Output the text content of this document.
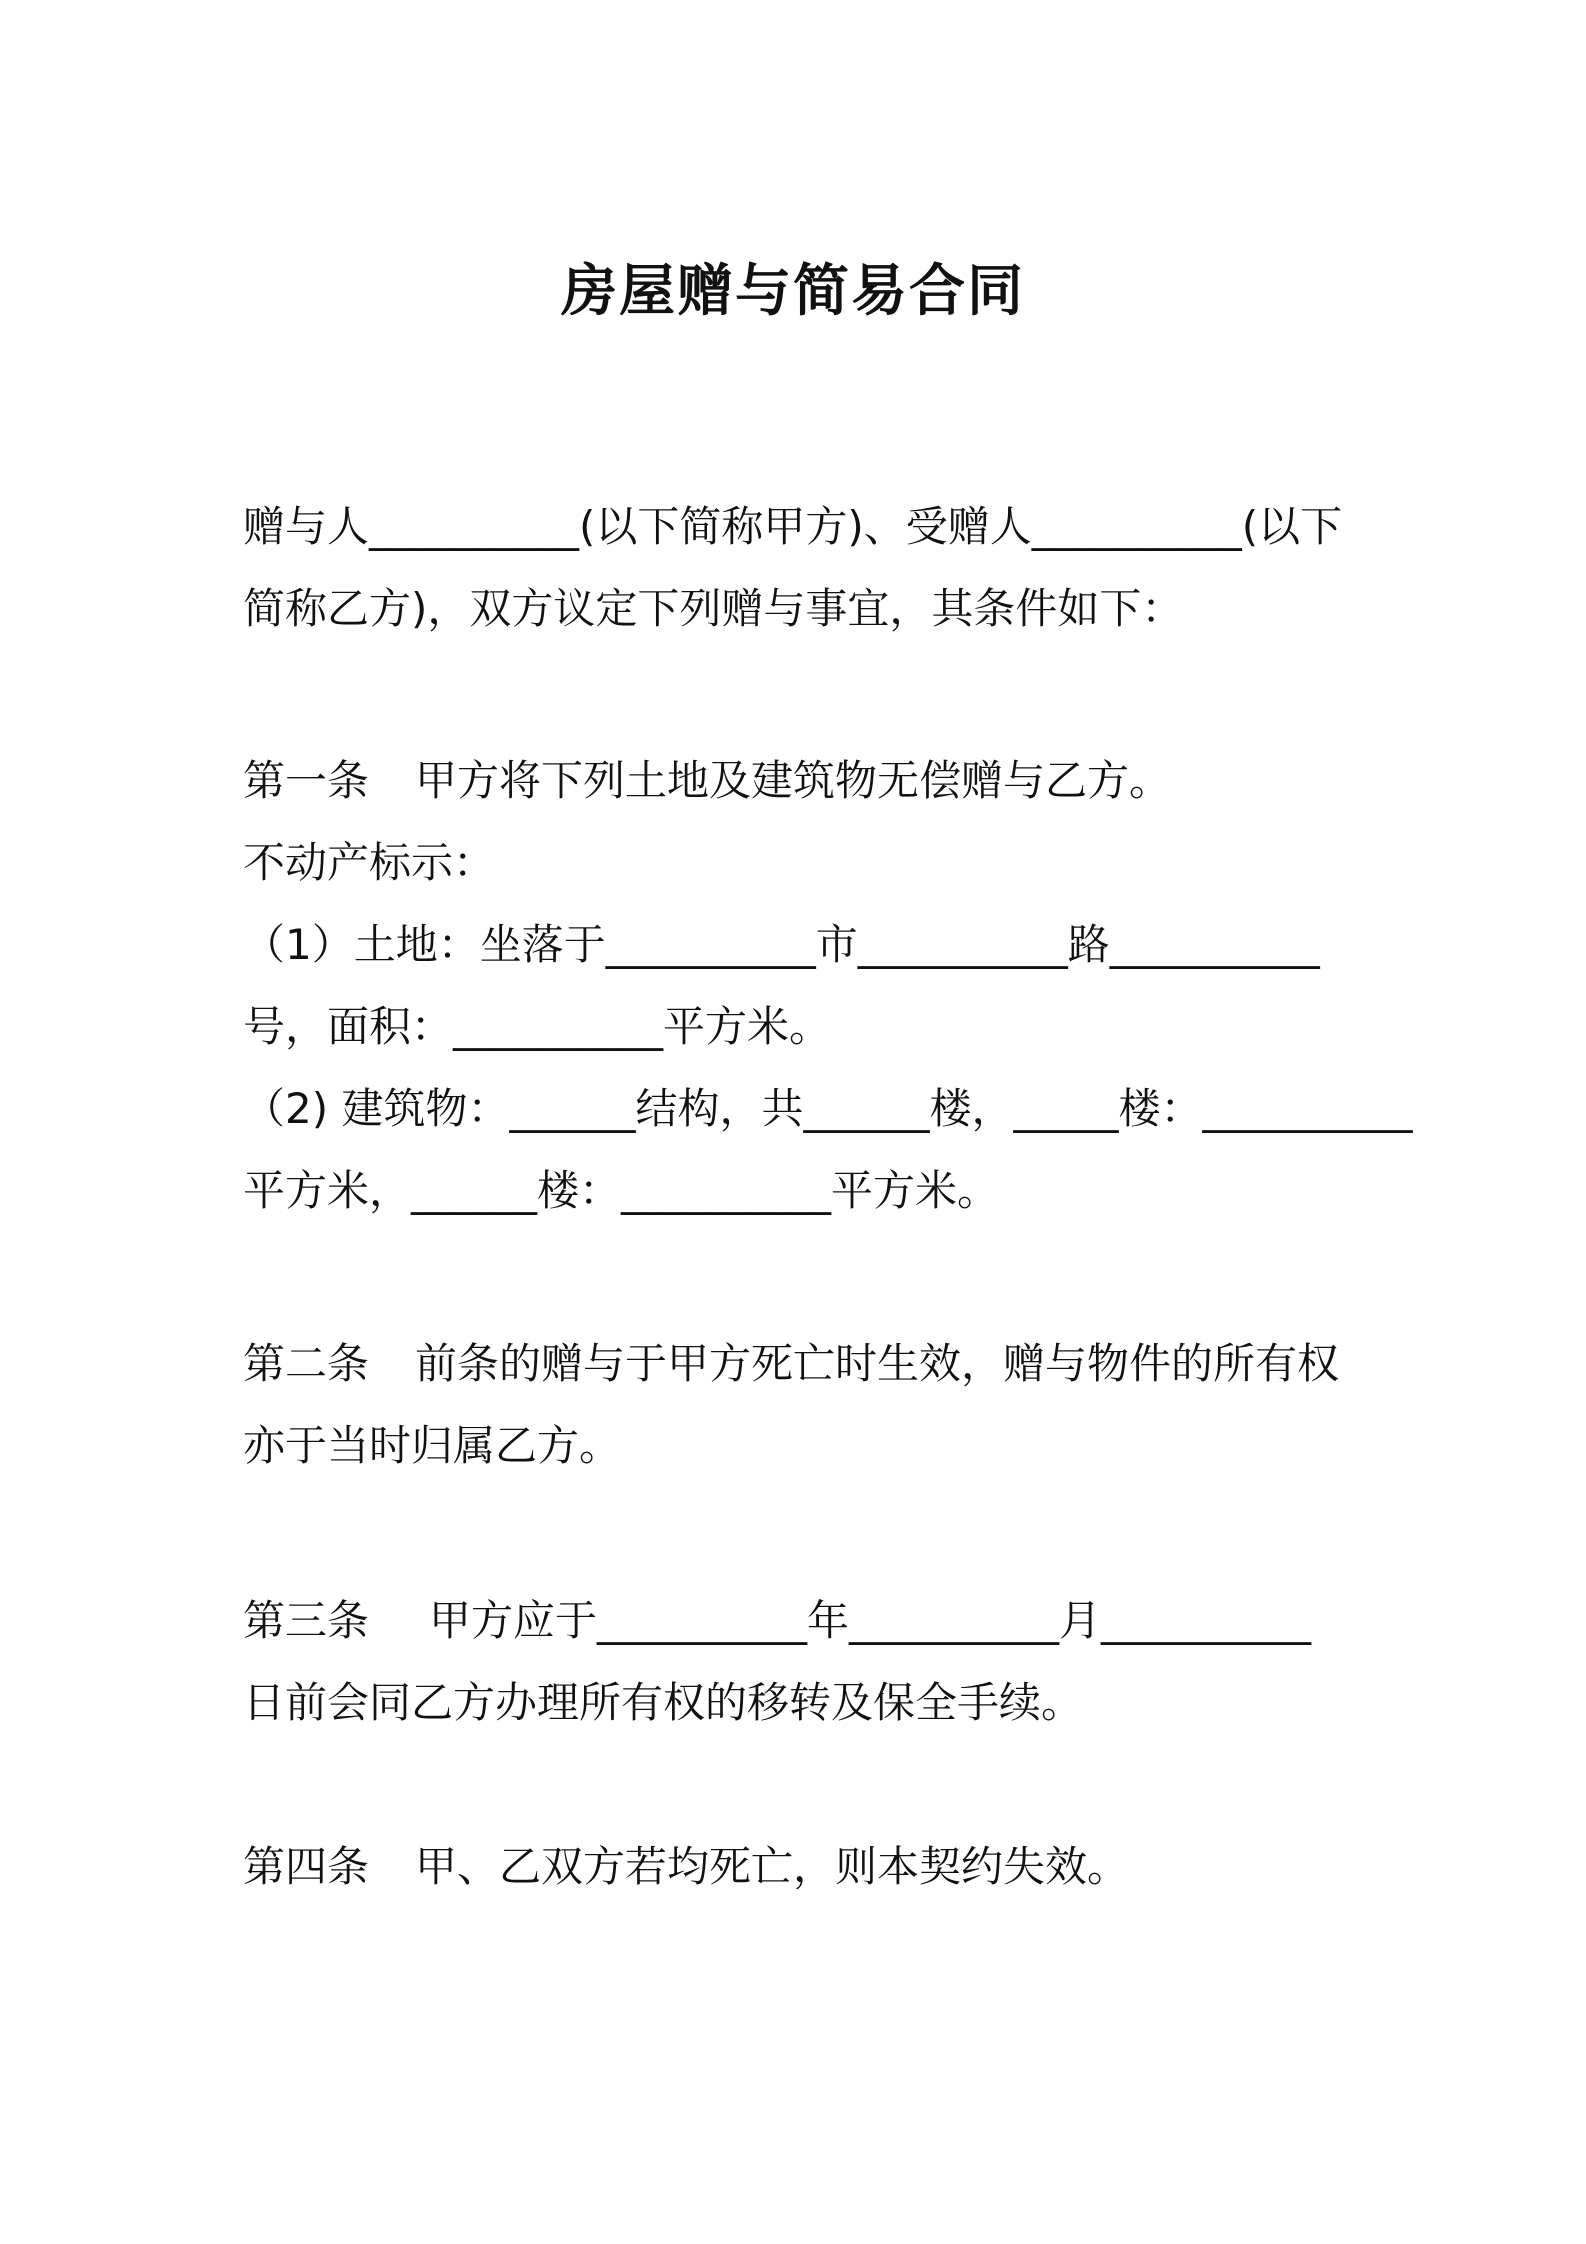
房屋赠与简易合同
赠与人__________(以下简称甲方)、受赠人__________(以下
简称乙方)，双方议定下列赠与事宜，其条件如下：
第一条 甲方将下列土地及建筑物无偿赠与乙方。
不动产标示：
（1）土地：坐落于__________市__________路__________
号，面积：__________平方米。
（2) 建筑物：______结构，共______楼，_____楼：__________
平方米，______楼：__________平方米。
第二条 前条的赠与于甲方死亡时生效，赠与物件的所有权
亦于当时归属乙方。
第三条 甲方应于__________年__________月__________
日前会同乙方办理所有权的移转及保全手续。
第四条 甲、乙双方若均死亡，则本契约失效。
